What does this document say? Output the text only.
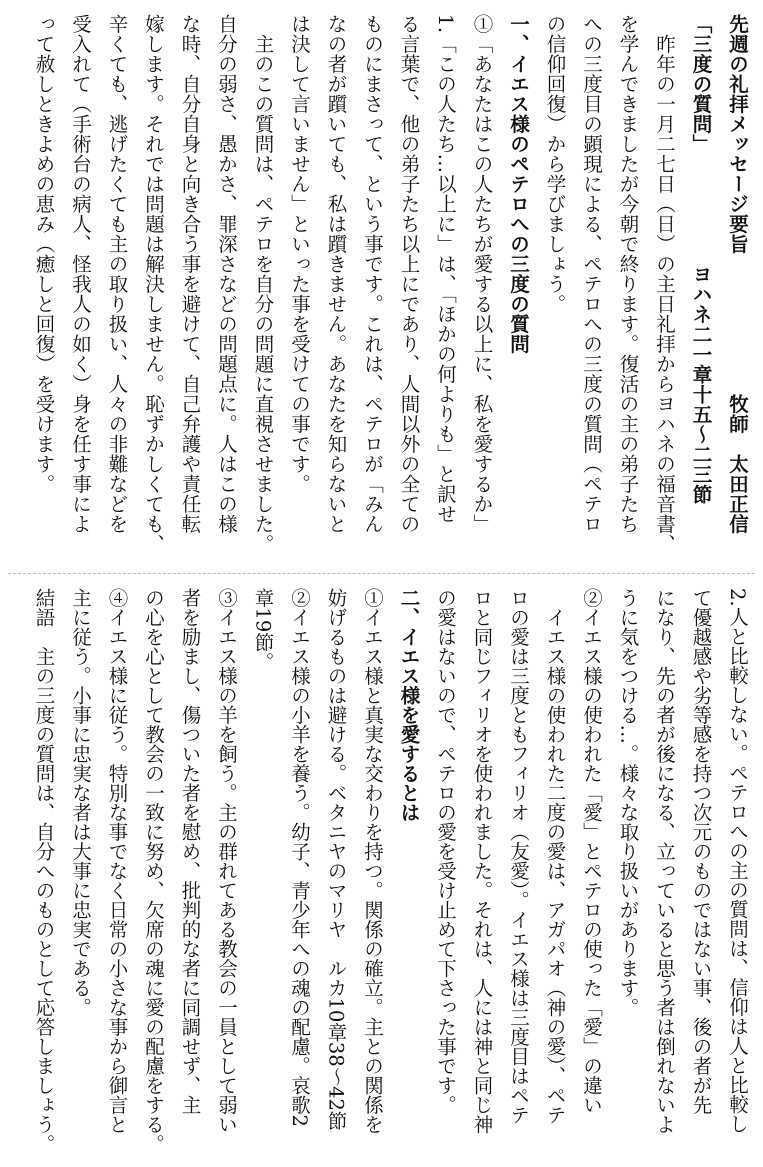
先週の礼拝メッセージ要旨　　　　　　　牧師　太田正信
「三度の質問」　　　　　　ヨハネ二一章十五～二三節
　昨年の一月二七日（日）の主日礼拝からヨハネの福音書、
を学んできましたが今朝で終ります。復活の主の弟子たち
への三度目の顕現による、ペテロへの三度の質問（ペテロ
の信仰回復）から学びましょう。
一、イエス様のペテロへの三度の質問
①「あなたはこの人たちが愛する以上に、私を愛するか」
1.「この人たち…以上に」は、「ほかの何よりも」と訳せ
る言葉で、他の弟子たち以上にであり、人間以外の全ての
ものにまさって、という事です。これは、ペテロが「みん
なの者が躓いても、私は躓きません。あなたを知らないと
は決して言いません」といった事を受けての事です。
　主のこの質問は、ペテロを自分の問題に直視させました。
自分の弱さ、愚かさ、罪深さなどの問題点に。人はこの様
な時、自分自身と向き合う事を避けて、自己弁護や責任転
嫁します。それでは問題は解決しません。恥ずかしくても、
辛くても、逃げたくても主の取り扱い、人々の非難などを
受入れて（手術台の病人、怪我人の如く）身を任す事によ
って赦しときよめの恵み（癒しと回復）を受けます。
2.人と比較しない。ペテロへの主の質問は、信仰は人と比較し
て優越感や劣等感を持つ次元のものではない事、後の者が先
になり、先の者が後になる、立っていると思う者は倒れないよ
うに気をつける…。様々な取り扱いがあります。
②イエス様の使われた「愛」とペテロの使った「愛」の違い
　イエス様の使われた二度の愛は、アガパオ（神の愛）、ペテ
ロの愛は三度ともフィリオ（友愛）。イエス様は三度目はペテ
ロと同じフィリオを使われました。それは、人には神と同じ神
の愛はないので、ペテロの愛を受け止めて下さった事です。
二、イエス様を愛するとは
①イエス様と真実な交わりを持つ。関係の確立。主との関係を
妨げるものは避ける。ベタニヤのマリヤ　ルカ10章38～42節
②イエス様の小羊を養う。幼子、青少年への魂の配慮。哀歌2
章19節。
③イエス様の羊を飼う。主の群れてある教会の一員として弱い
者を励まし、傷ついた者を慰め、批判的な者に同調せず、主
の心を心として教会の一致に努め、欠席の魂に愛の配慮をする。
④イエス様に従う。特別な事でなく日常の小さな事から御言と
主に従う。小事に忠実な者は大事に忠実である。
結語　主の三度の質問は、自分へのものとして応答しましょう。
